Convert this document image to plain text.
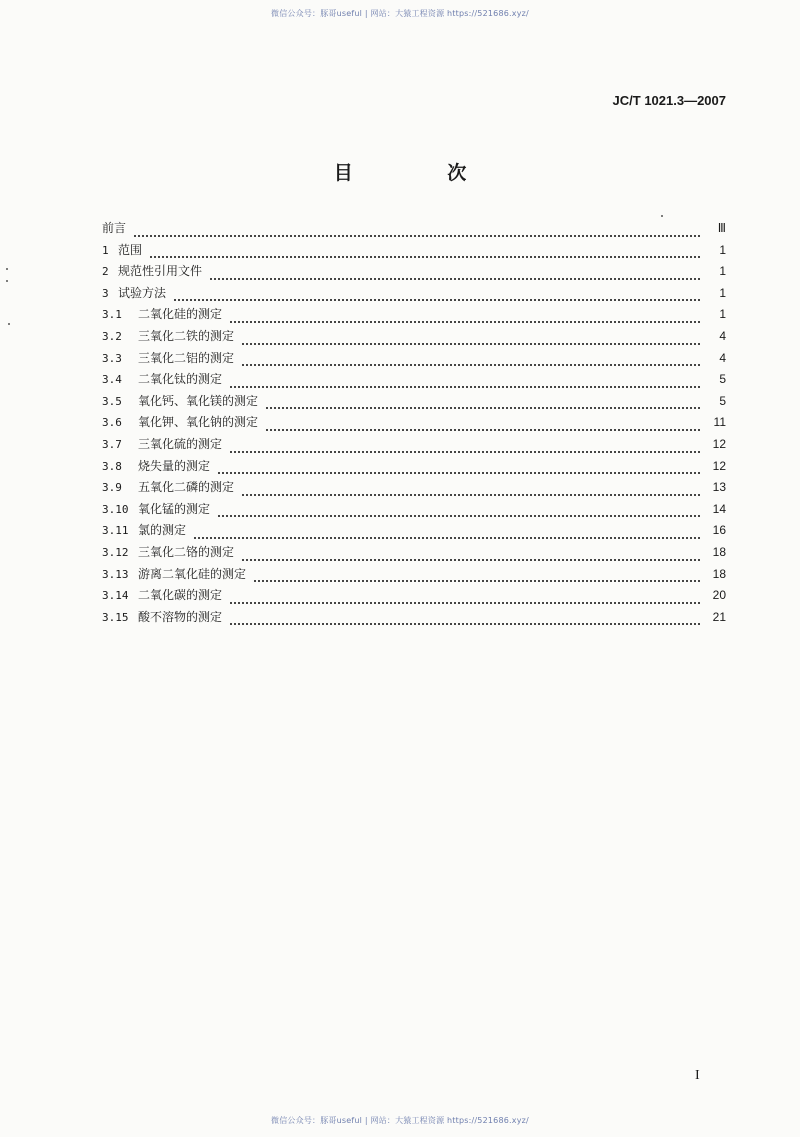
微信公众号：豚哥useful | 网站：大猿工程资源 https://521686.xyz/
JC/T 1021.3—2007
目 次
前言	Ⅲ
1 范围	1
2 规范性引用文件	1
3 试验方法	1
3.1	二氧化硅的测定	1
3.2	三氧化二铁的测定	4
3.3	三氧化二铝的测定	4
3.4	二氧化钛的测定	5
3.5	氧化钙、氧化镁的测定	5
3.6	氧化钾、氧化钠的测定	11
3.7	三氧化硫的测定	12
3.8	烧失量的测定	12
3.9	五氧化二磷的测定	13
3.10 氧化锰的测定	14
3.11 氯的测定	16
3.12 三氧化二铬的测定	18
3.13 游离二氧化硅的测定	18
3.14 二氧化碳的测定	20
3.15 酸不溶物的测定	21
I
微信公众号：豚哥useful | 网站：大猿工程资源 https://521686.xyz/
